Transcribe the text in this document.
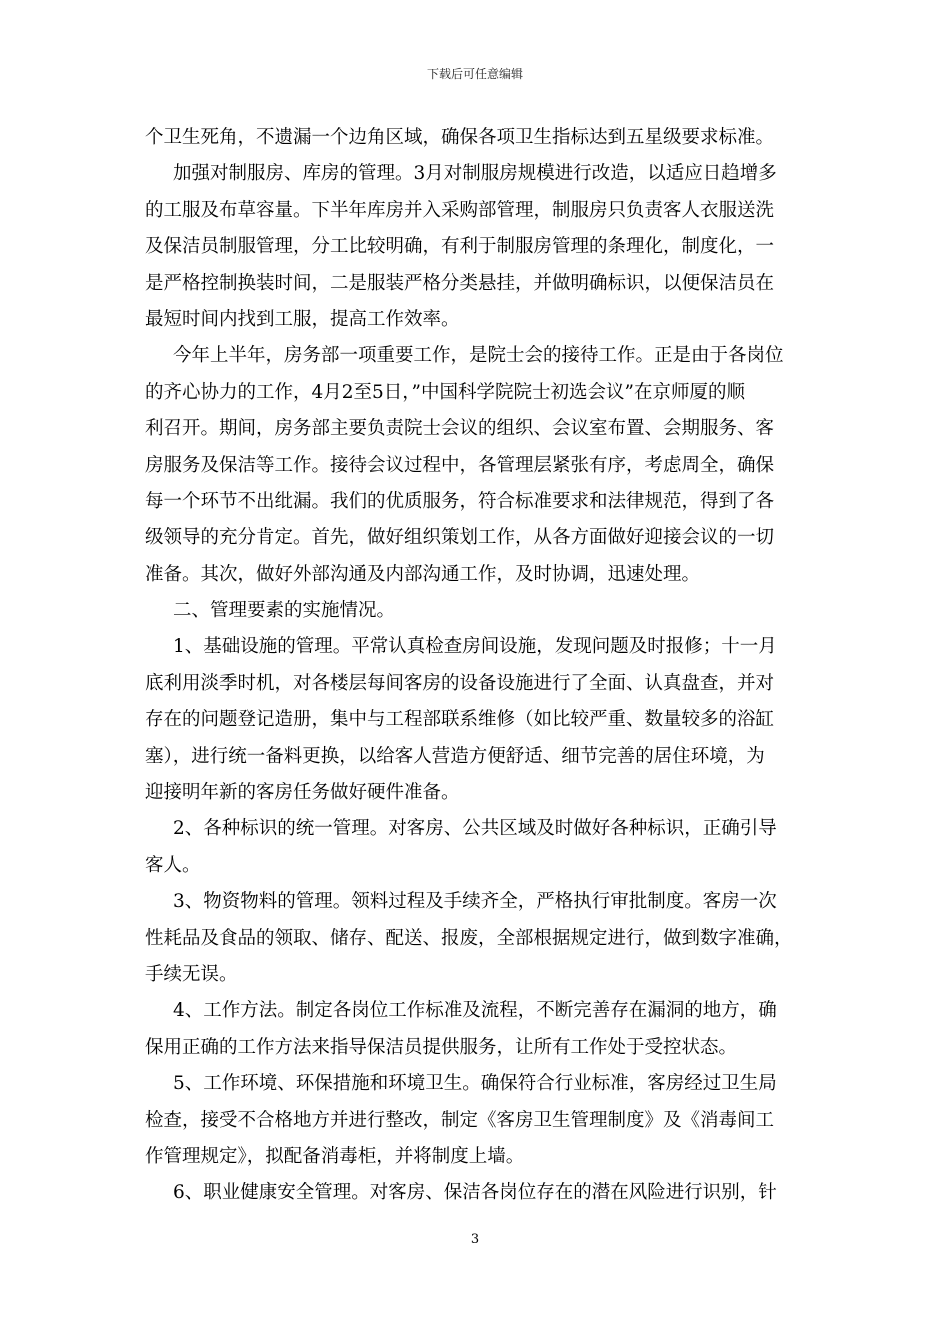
下载后可任意编辑
个卫生死角，不遗漏一个边角区域，确保各项卫生指标达到五星级要求标准。
加强对制服房、库房的管理。3月对制服房规模进行改造，以适应日趋增多
的工服及布草容量。下半年库房并入采购部管理，制服房只负责客人衣服送洗
及保洁员制服管理，分工比较明确，有利于制服房管理的条理化，制度化，一
是严格控制换装时间，二是服装严格分类悬挂，并做明确标识，以便保洁员在
最短时间内找到工服，提高工作效率。
今年上半年，房务部一项重要工作，是院士会的接待工作。正是由于各岗位
的齐心协力的工作，4月2至5日，”中国科学院院士初选会议”在京师厦的顺
利召开。期间，房务部主要负责院士会议的组织、会议室布置、会期服务、客
房服务及保洁等工作。接待会议过程中，各管理层紧张有序，考虑周全，确保
每一个环节不出纰漏。我们的优质服务，符合标准要求和法律规范，得到了各
级领导的充分肯定。首先，做好组织策划工作，从各方面做好迎接会议的一切
准备。其次，做好外部沟通及内部沟通工作，及时协调，迅速处理。
二、管理要素的实施情况。
1、基础设施的管理。平常认真检查房间设施，发现问题及时报修；十一月
底利用淡季时机，对各楼层每间客房的设备设施进行了全面、认真盘查，并对
存在的问题登记造册，集中与工程部联系维修（如比较严重、数量较多的浴缸
塞），进行统一备料更换，以给客人营造方便舒适、细节完善的居住环境，为
迎接明年新的客房任务做好硬件准备。
2、各种标识的统一管理。对客房、公共区域及时做好各种标识，正确引导
客人。
3、物资物料的管理。领料过程及手续齐全，严格执行审批制度。客房一次
性耗品及食品的领取、储存、配送、报废，全部根据规定进行，做到数字准确，
手续无误。
4、工作方法。制定各岗位工作标准及流程，不断完善存在漏洞的地方，确
保用正确的工作方法来指导保洁员提供服务，让所有工作处于受控状态。
5、工作环境、环保措施和环境卫生。确保符合行业标准，客房经过卫生局
检查，接受不合格地方并进行整改，制定《客房卫生管理制度》及《消毒间工
作管理规定》，拟配备消毒柜，并将制度上墙。
6、职业健康安全管理。对客房、保洁各岗位存在的潜在风险进行识别，针
3
